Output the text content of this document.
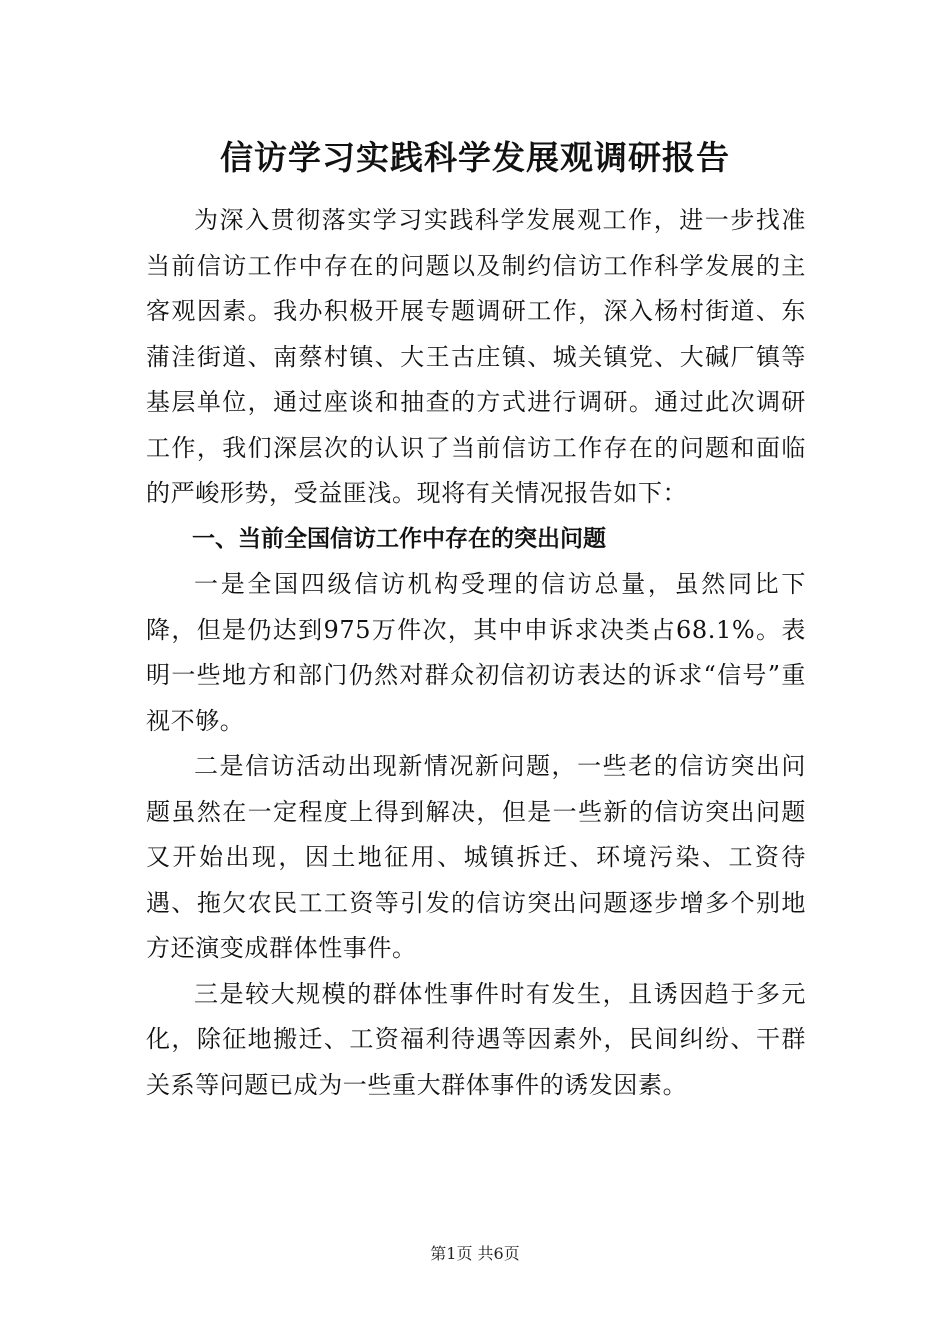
信访学习实践科学发展观调研报告

为深入贯彻落实学习实践科学发展观工作，进一步找准当前信访工作中存在的问题以及制约信访工作科学发展的主客观因素。我办积极开展专题调研工作，深入杨村街道、东蒲洼街道、南蔡村镇、大王古庄镇、城关镇党、大碱厂镇等基层单位，通过座谈和抽查的方式进行调研。通过此次调研工作，我们深层次的认识了当前信访工作存在的问题和面临的严峻形势，受益匪浅。现将有关情况报告如下：

一、当前全国信访工作中存在的突出问题

一是全国四级信访机构受理的信访总量，虽然同比下降，但是仍达到975万件次，其中申诉求决类占68.1%。表明一些地方和部门仍然对群众初信初访表达的诉求“信号”重视不够。

二是信访活动出现新情况新问题，一些老的信访突出问题虽然在一定程度上得到解决，但是一些新的信访突出问题又开始出现，因土地征用、城镇拆迁、环境污染、工资待遇、拖欠农民工工资等引发的信访突出问题逐步增多个别地方还演变成群体性事件。

三是较大规模的群体性事件时有发生，且诱因趋于多元化，除征地搬迁、工资福利待遇等因素外，民间纠纷、干群关系等问题已成为一些重大群体事件的诱发因素。

第1页 共6页
